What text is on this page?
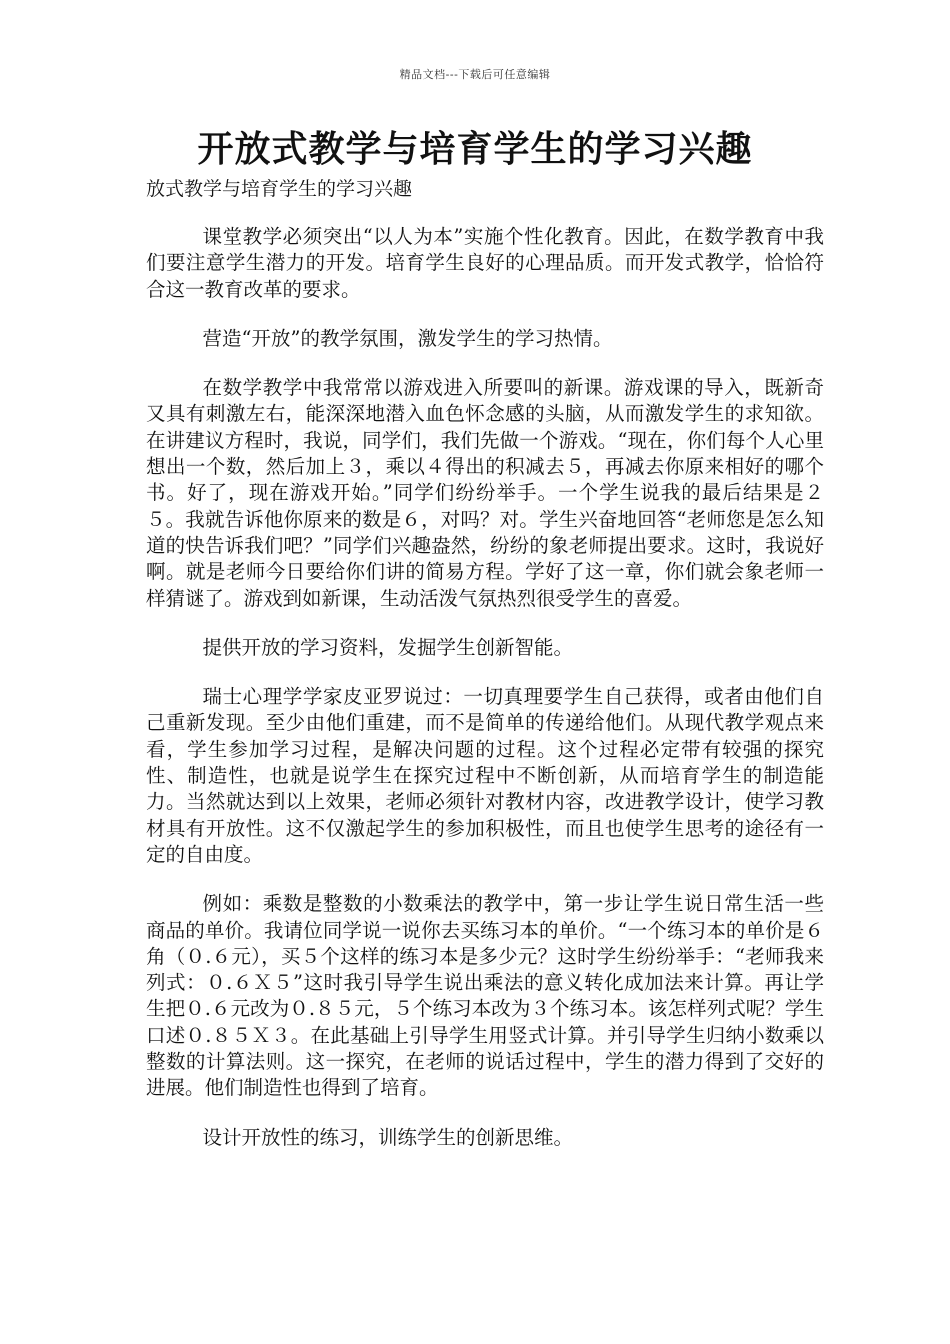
精品文档---下载后可任意编辑
开放式教学与培育学生的学习兴趣
放式教学与培育学生的学习兴趣

课堂教学必须突出“以人为本”实施个性化教育。因此，在数学教育中我们要注意学生潜力的开发。培育学生良好的心理品质。而开发式教学，恰恰符合这一教育改革的要求。

营造“开放”的教学氛围，激发学生的学习热情。

在数学教学中我常常以游戏进入所要叫的新课。游戏课的导入，既新奇又具有刺激左右，能深深地潜入血色怀念感的头脑，从而激发学生的求知欲。在讲建议方程时，我说，同学们，我们先做一个游戏。“现在，你们每个人心里想出一个数，然后加上３，乘以４得出的积减去５，再减去你原来相好的哪个书。好了，现在游戏开始。”同学们纷纷举手。一个学生说我的最后结果是２５。我就告诉他你原来的数是６，对吗？对。学生兴奋地回答“老师您是怎么知道的快告诉我们吧？”同学们兴趣盎然，纷纷的象老师提出要求。这时，我说好啊。就是老师今日要给你们讲的简易方程。学好了这一章，你们就会象老师一样猜谜了。游戏到如新课，生动活泼气氛热烈很受学生的喜爱。

提供开放的学习资料，发掘学生创新智能。

瑞士心理学学家皮亚罗说过：一切真理要学生自己获得，或者由他们自己重新发现。至少由他们重建，而不是简单的传递给他们。从现代教学观点来看，学生参加学习过程，是解决问题的过程。这个过程必定带有较强的探究性、制造性，也就是说学生在探究过程中不断创新，从而培育学生的制造能力。当然就达到以上效果，老师必须针对教材内容，改进教学设计，使学习教材具有开放性。这不仅激起学生的参加积极性，而且也使学生思考的途径有一定的自由度。

例如：乘数是整数的小数乘法的教学中，第一步让学生说日常生活一些商品的单价。我请位同学说一说你去买练习本的单价。“一个练习本的单价是６角（０.６元），买５个这样的练习本是多少元？这时学生纷纷举手：“老师我来列式：０.６Ｘ５”这时我引导学生说出乘法的意义转化成加法来计算。再让学生把０.６元改为０.８５元，５个练习本改为３个练习本。该怎样列式呢？学生口述０.８５Ｘ３。在此基础上引导学生用竖式计算。并引导学生归纳小数乘以整数的计算法则。这一探究，在老师的说话过程中，学生的潜力得到了交好的进展。他们制造性也得到了培育。

设计开放性的练习，训练学生的创新思维。
